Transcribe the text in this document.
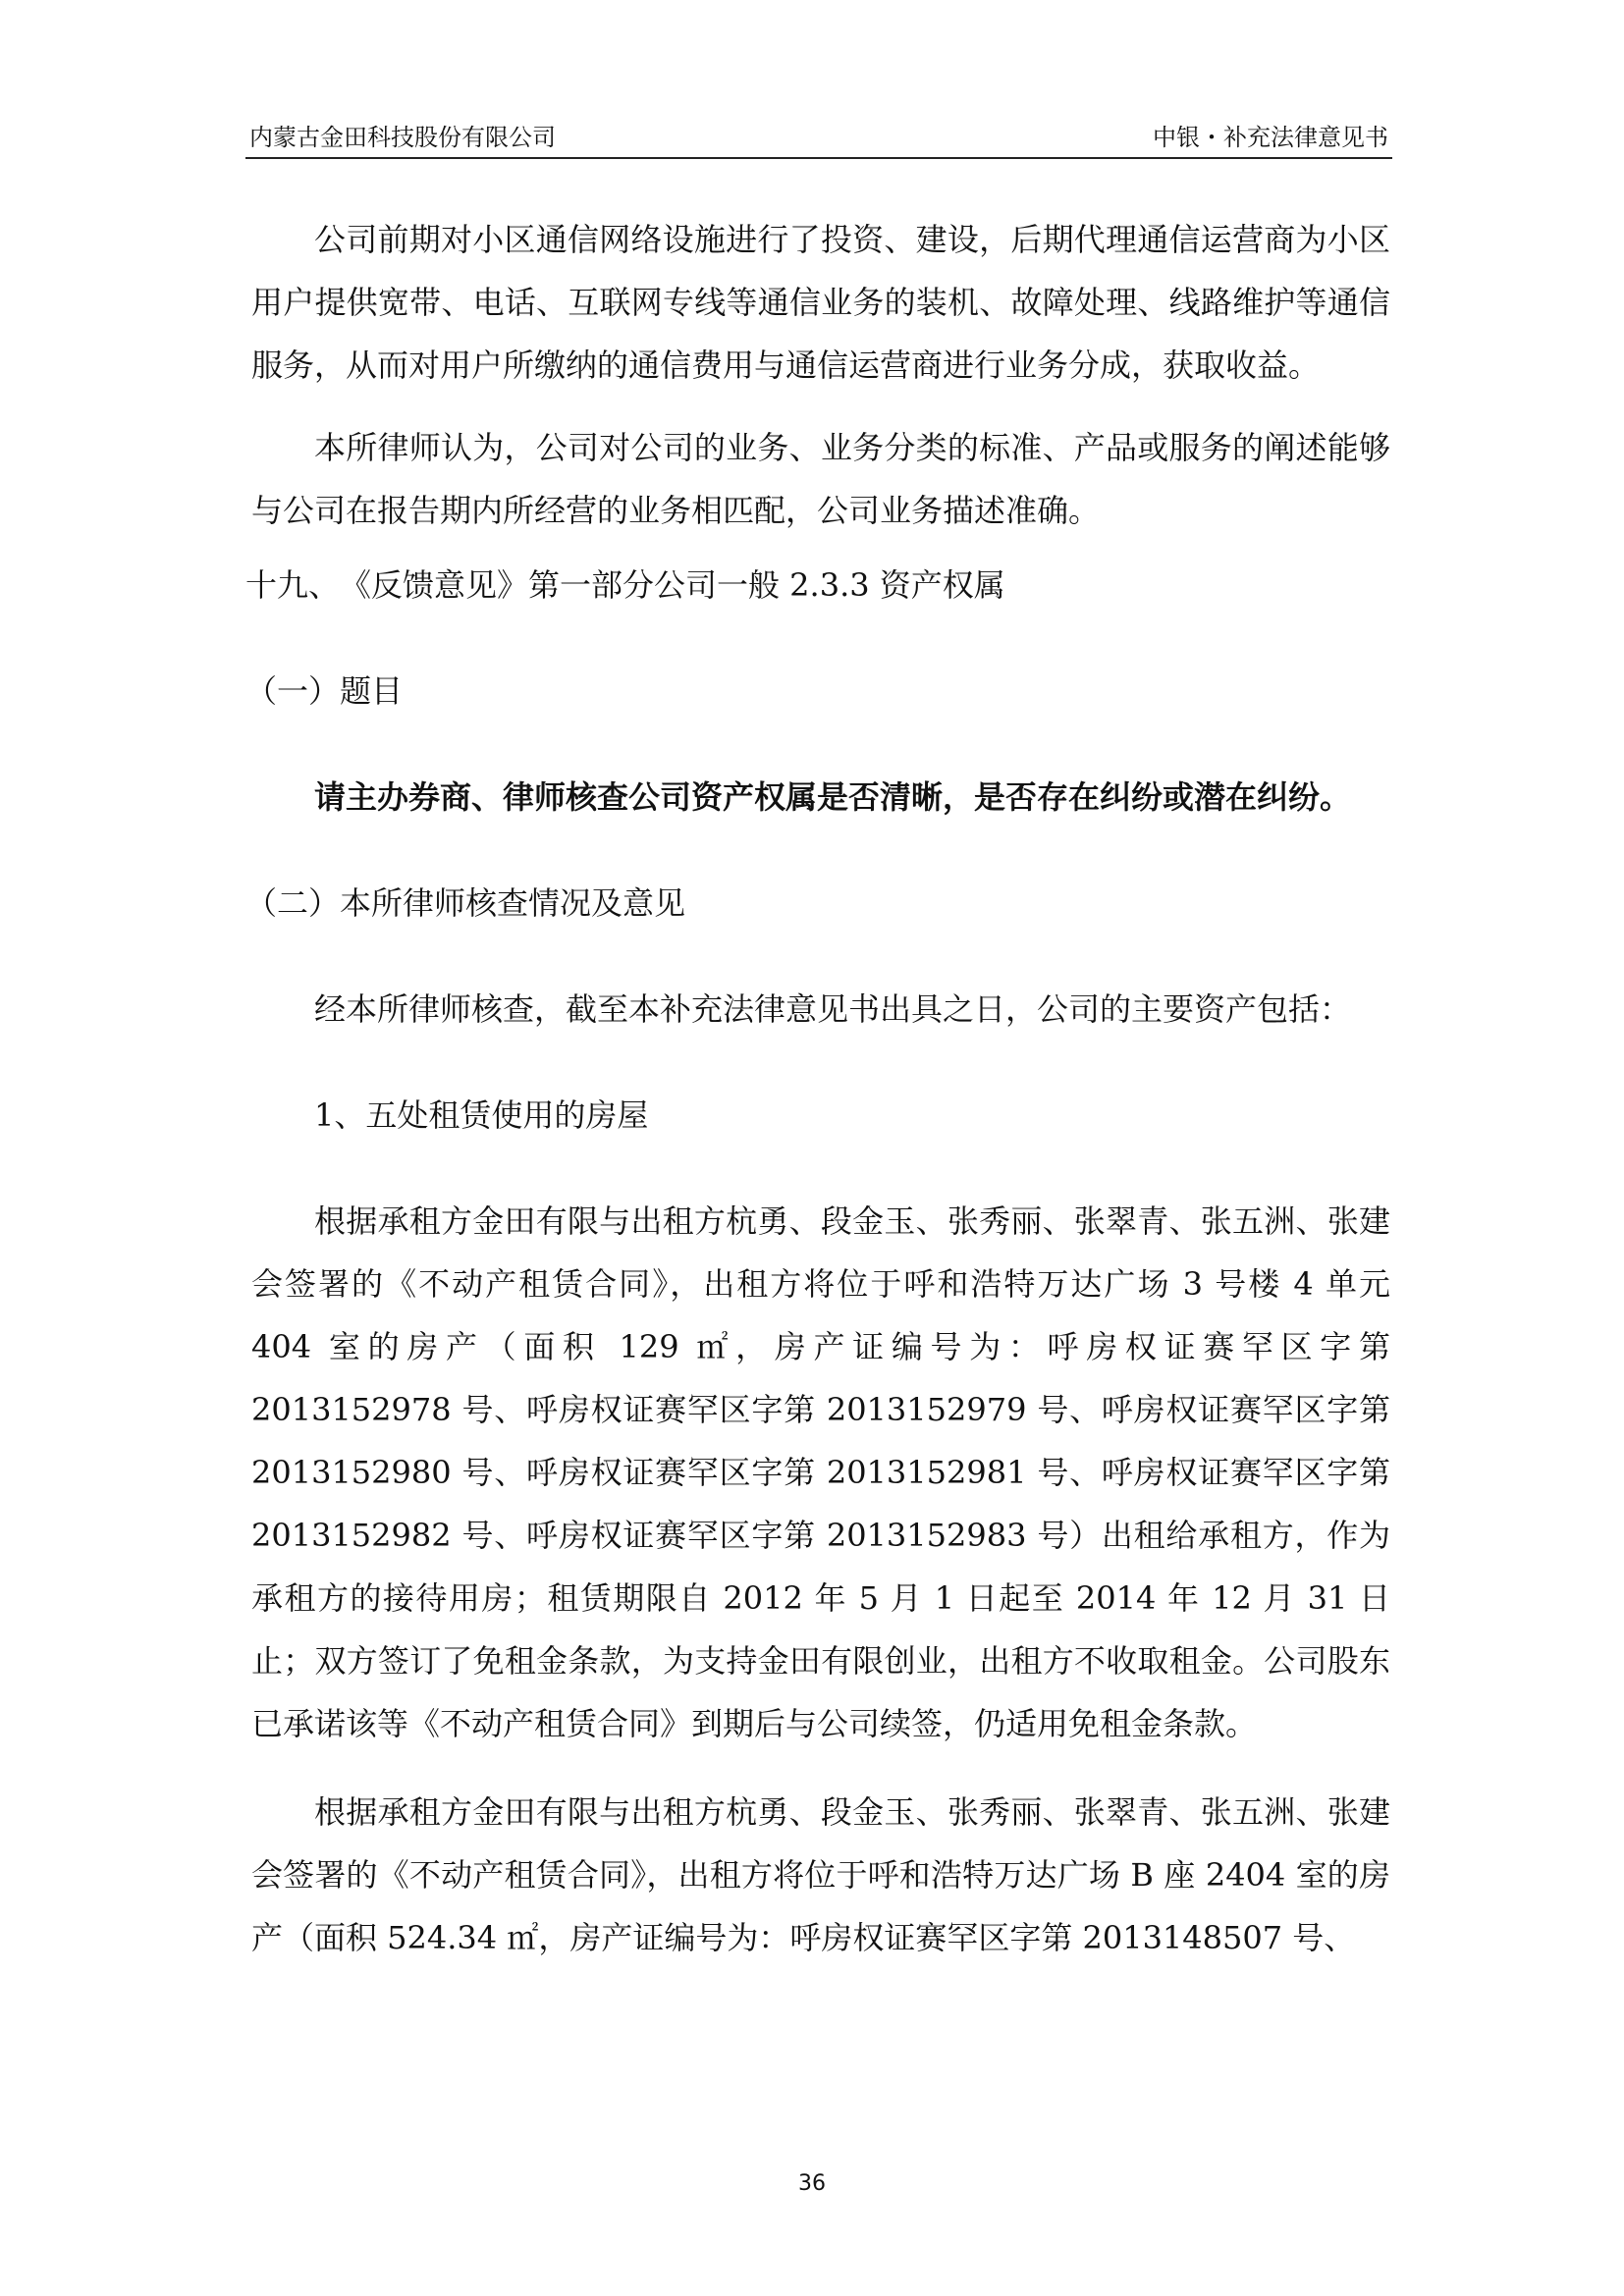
内蒙古金田科技股份有限公司	中银・补充法律意见书

公司前期对小区通信网络设施进行了投资、建设，后期代理通信运营商为小区用户提供宽带、电话、互联网专线等通信业务的装机、故障处理、线路维护等通信服务，从而对用户所缴纳的通信费用与通信运营商进行业务分成，获取收益。

本所律师认为，公司对公司的业务、业务分类的标准、产品或服务的阐述能够与公司在报告期内所经营的业务相匹配，公司业务描述准确。

十九、　《反馈意见》第一部分公司一般 2.3.3 资产权属

（一）题目

请主办券商、律师核查公司资产权属是否清晰，是否存在纠纷或潜在纠纷。

（二）本所律师核查情况及意见

经本所律师核查，截至本补充法律意见书出具之日，公司的主要资产包括：

1、五处租赁使用的房屋

根据承租方金田有限与出租方杭勇、段金玉、张秀丽、张翠青、张五洲、张建会签署的《不动产租赁合同》，出租方将位于呼和浩特万达广场 3 号楼 4 单元 404 室的房产（面积 129 ㎡，房产证编号为：呼房权证赛罕区字第 2013152978 号、呼房权证赛罕区字第 2013152979 号、呼房权证赛罕区字第 2013152980 号、呼房权证赛罕区字第 2013152981 号、呼房权证赛罕区字第 2013152982 号、呼房权证赛罕区字第 2013152983 号）出租给承租方，作为承租方的接待用房；租赁期限自 2012 年 5 月 1 日起至 2014 年 12 月 31 日止；双方签订了免租金条款，为支持金田有限创业，出租方不收取租金。公司股东已承诺该等《不动产租赁合同》到期后与公司续签，仍适用免租金条款。

根据承租方金田有限与出租方杭勇、段金玉、张秀丽、张翠青、张五洲、张建会签署的《不动产租赁合同》，出租方将位于呼和浩特万达广场 B 座 2404 室的房产（面积 524.34 ㎡，房产证编号为：呼房权证赛罕区字第 2013148507 号、

36
